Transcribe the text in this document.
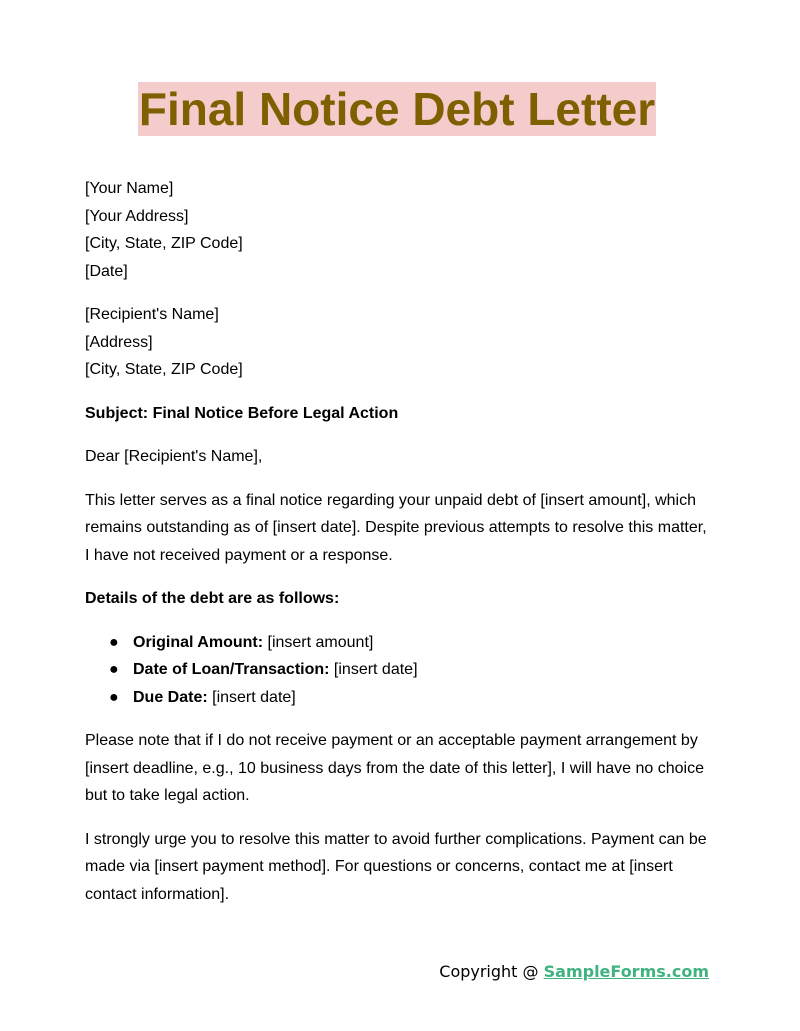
Final Notice Debt Letter
[Your Name]
[Your Address]
[City, State, ZIP Code]
[Date]
[Recipient's Name]
[Address]
[City, State, ZIP Code]

Subject: Final Notice Before Legal Action

Dear [Recipient's Name],

This letter serves as a final notice regarding your unpaid debt of [insert amount], which remains outstanding as of [insert date]. Despite previous attempts to resolve this matter, I have not received payment or a response.

Details of the debt are as follows:

● Original Amount: [insert amount]
● Date of Loan/Transaction: [insert date]
● Due Date: [insert date]

Please note that if I do not receive payment or an acceptable payment arrangement by [insert deadline, e.g., 10 business days from the date of this letter], I will have no choice but to take legal action.

I strongly urge you to resolve this matter to avoid further complications. Payment can be made via [insert payment method]. For questions or concerns, contact me at [insert contact information].

Copyright @ SampleForms.com
